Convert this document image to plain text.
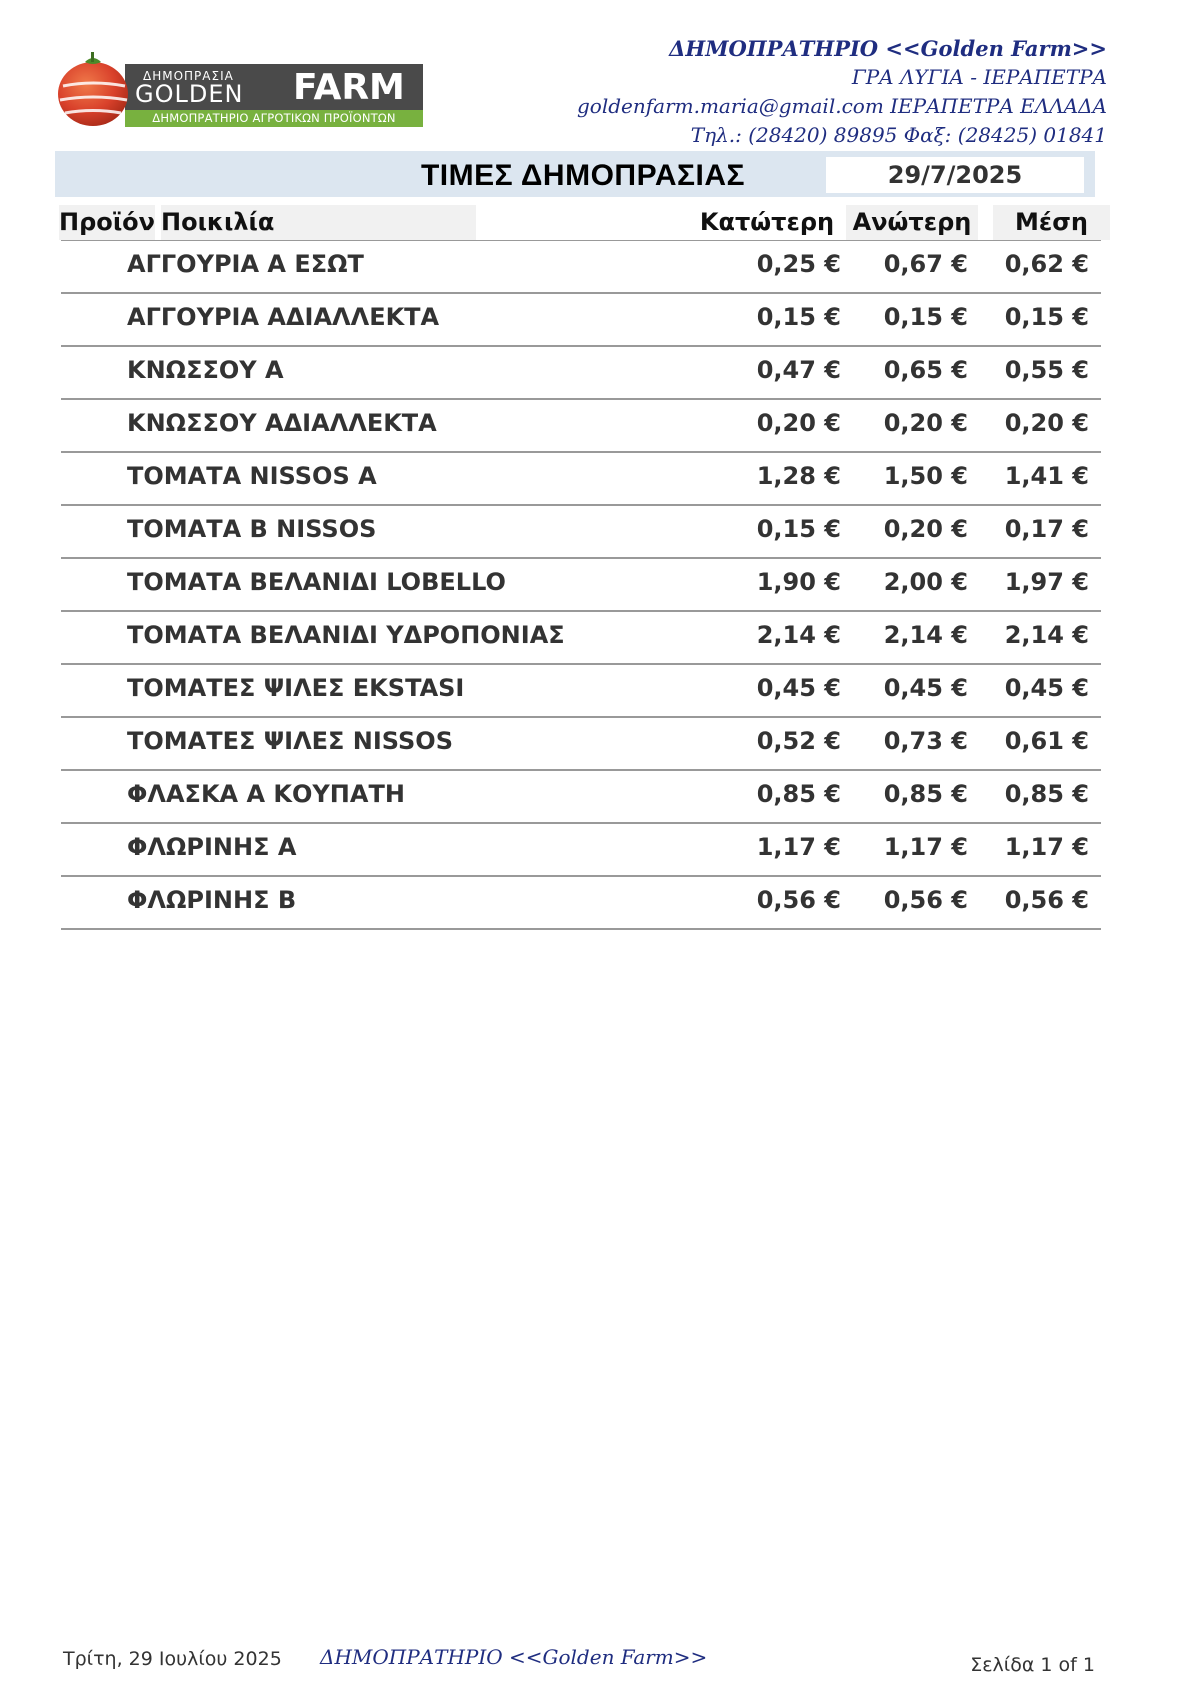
ΔΗΜΟΠΡΑΤΗΡΙΟ ΑΓΡΟΤΙΚΩΝ ΠΡΟΪΟΝΤΩΝ
ΔΗΜΟΠΡΑΣΙΑ
GOLDEN FARM
ΔΗΜΟΠΡΑΤΗΡΙΟ <<Golden Farm>>
ΓΡΑ ΛΥΓΙΑ - ΙΕΡΑΠΕΤΡΑ
goldenfarm.maria@gmail.com ΙΕΡΑΠΕΤΡΑ ΕΛΛΑΔΑ
Τηλ.: (28420) 89895 Φαξ: (28425) 01841
ΤΙΜΕΣ ΔΗΜΟΠΡΑΣΙΑΣ	29/7/2025
Προϊόν Ποικιλία	Κατώτερη Ανώτερη	Μέση
ΑΓΓΟΥΡΙΑ Α ΕΣΩΤ	0,25 € 0,67 € 0,62 €
ΑΓΓΟΥΡΙΑ ΑΔΙΑΛΛΕΚΤΑ	0,15 € 0,15 € 0,15 €
ΚΝΩΣΣΟΥ Α	0,47 € 0,65 € 0,55 €
ΚΝΩΣΣΟΥ ΑΔΙΑΛΛΕΚΤΑ	0,20 € 0,20 € 0,20 €
ΤΟΜΑΤΑ NISSOS A	1,28 € 1,50 € 1,41 €
ΤΟΜΑΤΑ Β NISSOS	0,15 € 0,20 € 0,17 €
ΤΟΜΑΤΑ ΒΕΛΑΝΙΔΙ LOBELLO	1,90 € 2,00 € 1,97 €
ΤΟΜΑΤΑ ΒΕΛΑΝΙΔΙ ΥΔΡΟΠΟΝΙΑΣ	2,14 € 2,14 € 2,14 €
ΤΟΜΑΤΕΣ ΨΙΛΕΣ EKSTASI	0,45 € 0,45 € 0,45 €
ΤΟΜΑΤΕΣ ΨΙΛΕΣ NISSOS	0,52 € 0,73 € 0,61 €
ΦΛΑΣΚΑ Α ΚΟΥΠΑΤΗ	0,85 € 0,85 € 0,85 €
ΦΛΩΡΙΝΗΣ Α	1,17 € 1,17 € 1,17 €
ΦΛΩΡΙΝΗΣ Β	0,56 € 0,56 € 0,56 €
Τρίτη, 29 Ιουλίου 2025 ΔΗΜΟΠΡΑΤΗΡΙΟ <<Golden Farm>>	Σελίδα 1 of 1
